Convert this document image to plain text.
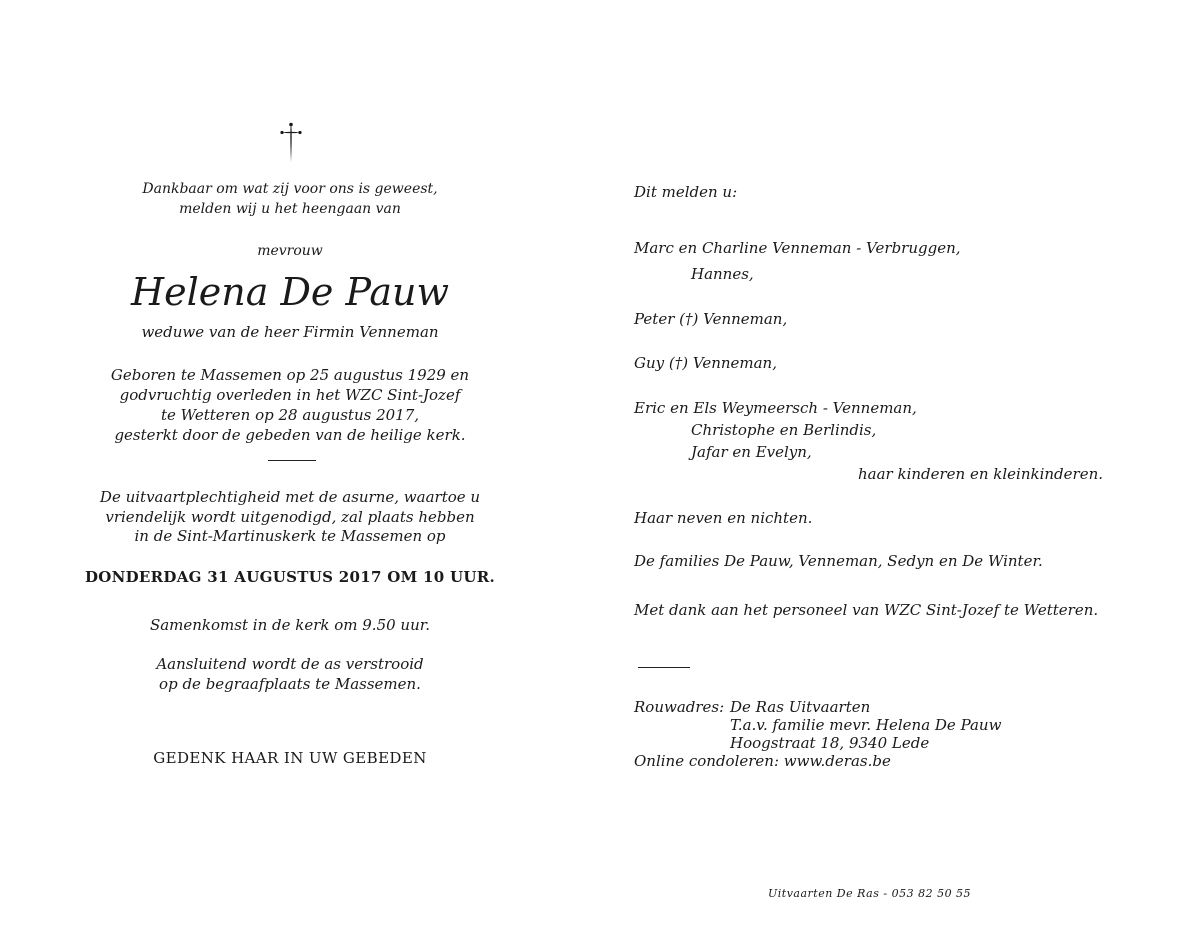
Dankbaar om wat zij voor ons is geweest,
melden wij u het heengaan van
mevrouw
Helena De Pauw
weduwe van de heer Firmin Venneman
Geboren te Massemen op 25 augustus 1929 en
godvruchtig overleden in het WZC Sint-Jozef
te Wetteren op 28 augustus 2017,
gesterkt door de gebeden van de heilige kerk.
De uitvaartplechtigheid met de asurne, waartoe u
vriendelijk wordt uitgenodigd, zal plaats hebben
in de Sint-Martinuskerk te Massemen op
DONDERDAG 31 AUGUSTUS 2017 OM 10 UUR.
Samenkomst in de kerk om 9.50 uur.
Aansluitend wordt de as verstrooid
op de begraafplaats te Massemen.
GEDENK HAAR IN UW GEBEDEN
Dit melden u:
Marc en Charline Venneman - Verbruggen,
Hannes,
Peter (†) Venneman,
Guy (†) Venneman,
Eric en Els Weymeersch - Venneman,
Christophe en Berlindis,
Jafar en Evelyn,
haar kinderen en kleinkinderen.
Haar neven en nichten.
De families De Pauw, Venneman, Sedyn en De Winter.
Met dank aan het personeel van WZC Sint-Jozef te Wetteren.
Rouwadres: De Ras Uitvaarten
T.a.v. familie mevr. Helena De Pauw
Hoogstraat 18, 9340 Lede
Online condoleren: www.deras.be
Uitvaarten De Ras - 053 82 50 55
